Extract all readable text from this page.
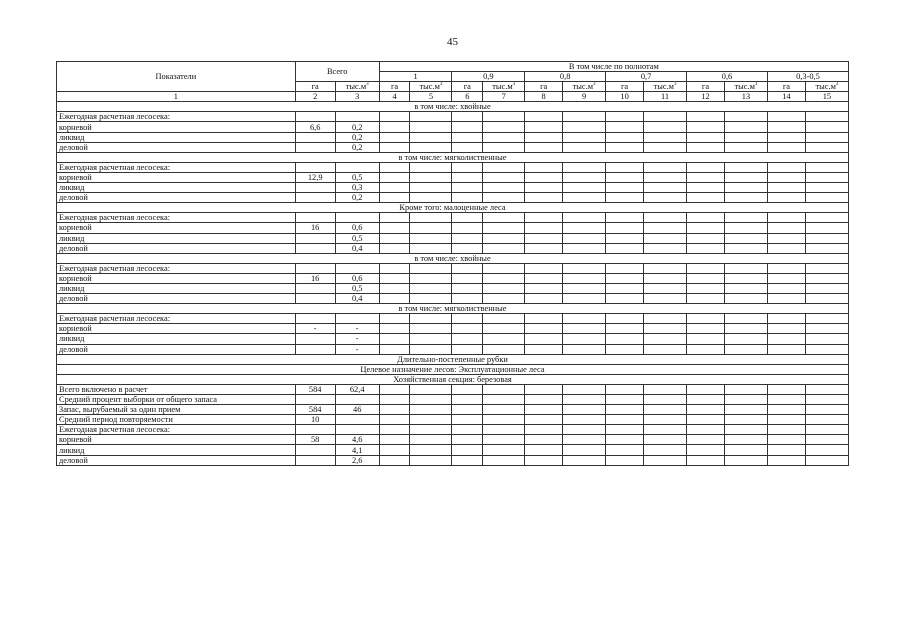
45
Показатели	Всего		В том числе по полнотам											
			1		0,9		0,8		0,7		0,6		0,3-0,5	
	га	$тыс.м^3$	га	$тыс.м^3$	га	$тыс.м^3$	га	$тыс.м^3$	га	$тыс.м^3$	га	$тыс.м^3$	га	$тыс.м^3$
1	2	3	4	5	6	7	8	9	10	11	12	13	14	15
в том числе: хвойные														
Ежегодная расчетная лесосека:														
корневой	6,6	0,2												
ликвид		0,2												
деловой		0,2												
в том числе: мягколиственные														
Ежегодная расчетная лесосека:														
корневой	12,9	0,5												
ликвид		0,3												
деловой		0,2												
Кроме того: малоценные леса														
Ежегодная расчетная лесосека:														
корневой	16	0,6												
ликвид		0,5												
деловой		0,4												
в том числе: хвойные														
Ежегодная расчетная лесосека:														
корневой	16	0,6												
ликвид		0,5												
деловой		0,4												
в том числе: мягколиственные														
Ежегодная расчетная лесосека:														
корневой	-	-												
ликвид		-												
деловой		-												
Длительно-постепенные рубки														
Целевое назначение лесов: Эксплуатационные леса														
Хозяйственная секция: березовая														
Всего включено в расчет	584	62,4												
Средний процент выборки от общего запаса														
Запас, вырубаемый за один прием	584	46												
Средний период повторяемости	10													
Ежегодная расчетная лесосека:														
корневой	58	4,6												
ликвид		4,1												
деловой		2,6												
